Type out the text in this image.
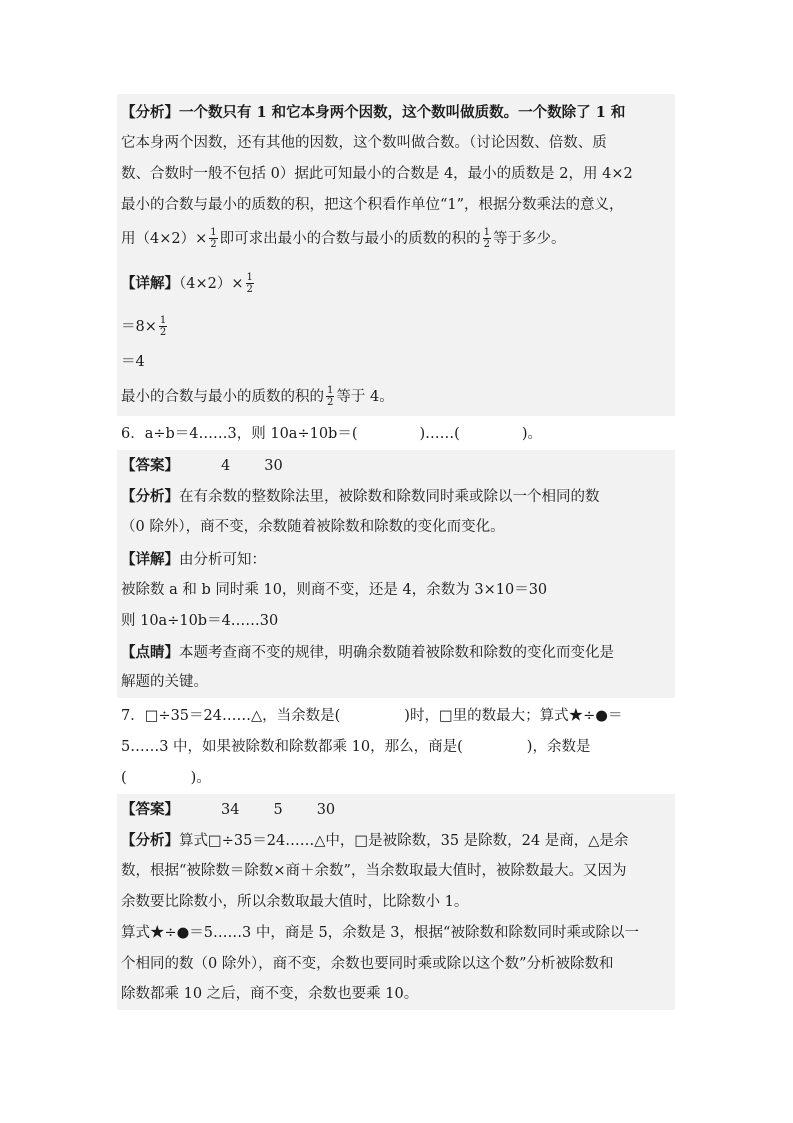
【分析】一个数只有 1 和它本身两个因数，这个数叫做质数。一个数除了 1 和
它本身两个因数，还有其他的因数，这个数叫做合数。（讨论因数、倍数、质
数、合数时一般不包括 0）据此可知最小的合数是 4，最小的质数是 2，用 4×2
最小的合数与最小的质数的积，把这个积看作单位“1”，根据分数乘法的意义，
用$(4\times 2)\times \frac{1}{2}$ 即可求出最小的合数与最小的质数的积的 $\frac{1}{2}$ 等于多少。
【详解】$(4\times 2)\times \frac{1}{2}$
$=8\times \frac{1}{2}$
＝4
最小的合数与最小的质数的积的 $\frac{1}{2}$ 等于 4。
6．a÷b＝4……3，则 10a÷10b＝(	)……(	)。
【答案】	4 30
【分析】在有余数的整数除法里，被除数和除数同时乘或除以一个相同的数
（0 除外），商不变，余数随着被除数和除数的变化而变化。
【详解】由分析可知：
被除数 a 和 b 同时乘 10，则商不变，还是 4，余数为 3×10＝30
则 10a÷10b＝4……30
【点睛】本题考查商不变的规律，明确余数随着被除数和除数的变化而变化是
解题的关键。
7．□÷35＝24……△，当余数是(	)时，□里的数最大；算式★÷●＝
5……3 中，如果被除数和除数都乘 10，那么，商是(	)，余数是
(	)。
【答案】	34 5 30
【分析】算式□÷35＝24……△中，□是被除数，35 是除数，24 是商，△是余
数，根据“被除数＝除数×商＋余数”，当余数取最大值时，被除数最大。又因为
余数要比除数小，所以余数取最大值时，比除数小 1。
算式★÷●＝5……3 中，商是 5，余数是 3，根据“被除数和除数同时乘或除以一
个相同的数（0 除外），商不变，余数也要同时乘或除以这个数”分析被除数和
除数都乘 10 之后，商不变，余数也要乘 10。
